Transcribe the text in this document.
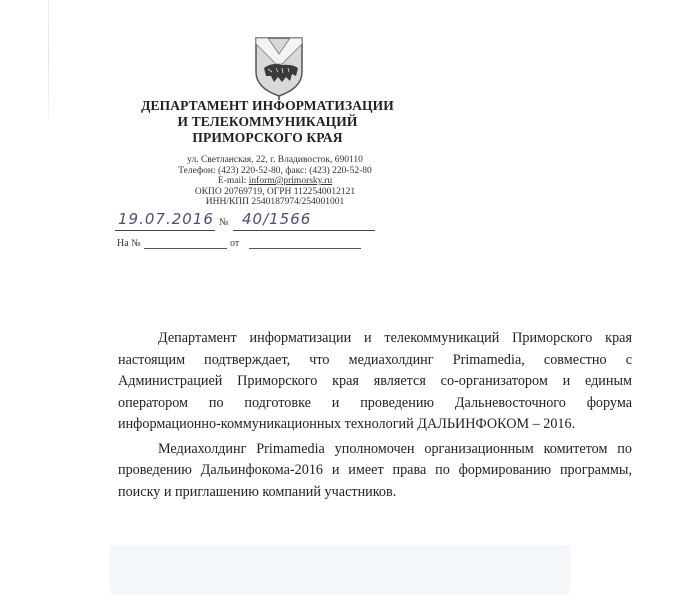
ДЕПАРТАМЕНТ ИНФОРМАТИЗАЦИИ
И ТЕЛЕКОММУНИКАЦИЙ
ПРИМОРСКОГО КРАЯ
ул. Светланская, 22, г. Владивосток, 690110
Телефон: (423) 220-52-80, факс: (423) 220-52-80
E-mail: inform@primorsky.ru
ОКПО 20769719, ОГРН 1122540012121
ИНН/КПП 2540187974/254001001
19.07.2016 № 40/1566
На №	от

Департамент информатизации и телекоммуникаций Приморского края настоящим подтверждает, что медиахолдинг Primamedia, совместно с Администрацией Приморского края является со-организатором и единым оператором по подготовке и проведению Дальневосточного форума информационно-коммуникационных технологий ДАЛЬИНФОКОМ – 2016.

Медиахолдинг Primamedia уполномочен организационным комитетом по проведению Дальинфокома-2016 и имеет права по формированию программы, поиску и приглашению компаний участников.
